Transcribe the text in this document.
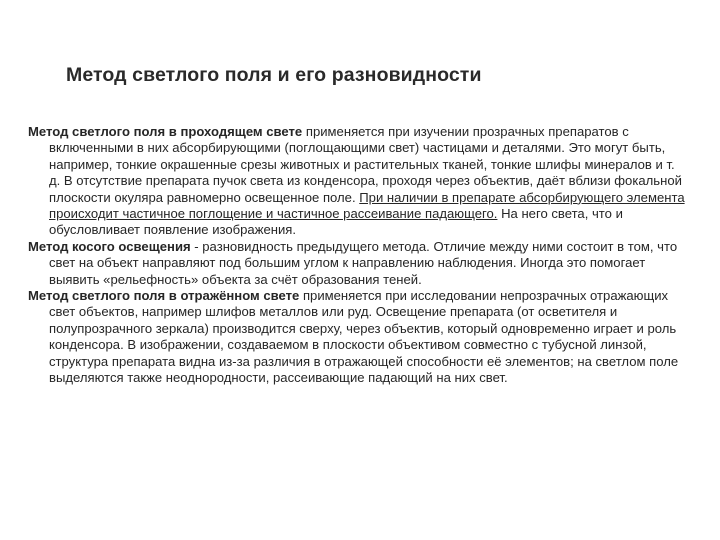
Метод светлого поля и его разновидности

Метод светлого поля в проходящем свете применяется при изучении прозрачных препаратов с включенными в них абсорбирующими (поглощающими свет) частицами и деталями. Это могут быть, например, тонкие окрашенные срезы животных и растительных тканей, тонкие шлифы минералов и т. д. В отсутствие препарата пучок света из конденсора, проходя через объектив, даёт вблизи фокальной плоскости окуляра равномерно освещенное поле. При наличии в препарате абсорбирующего элемента происходит частичное поглощение и частичное рассеивание падающего. На него света, что и обусловливает появление изображения.

Метод косого освещения - разновидность предыдущего метода. Отличие между ними состоит в том, что свет на объект направляют под большим углом к направлению наблюдения. Иногда это помогает выявить «рельефность» объекта за счёт образования теней.

Метод светлого поля в отражённом свете применяется при исследовании непрозрачных отражающих свет объектов, например шлифов металлов или руд. Освещение препарата (от осветителя и полупрозрачного зеркала) производится сверху, через объектив, который одновременно играет и роль конденсора. В изображении, создаваемом в плоскости объективом совместно с тубусной линзой, структура препарата видна из-за различия в отражающей способности её элементов; на светлом поле выделяются также неоднородности, рассеивающие падающий на них свет.
